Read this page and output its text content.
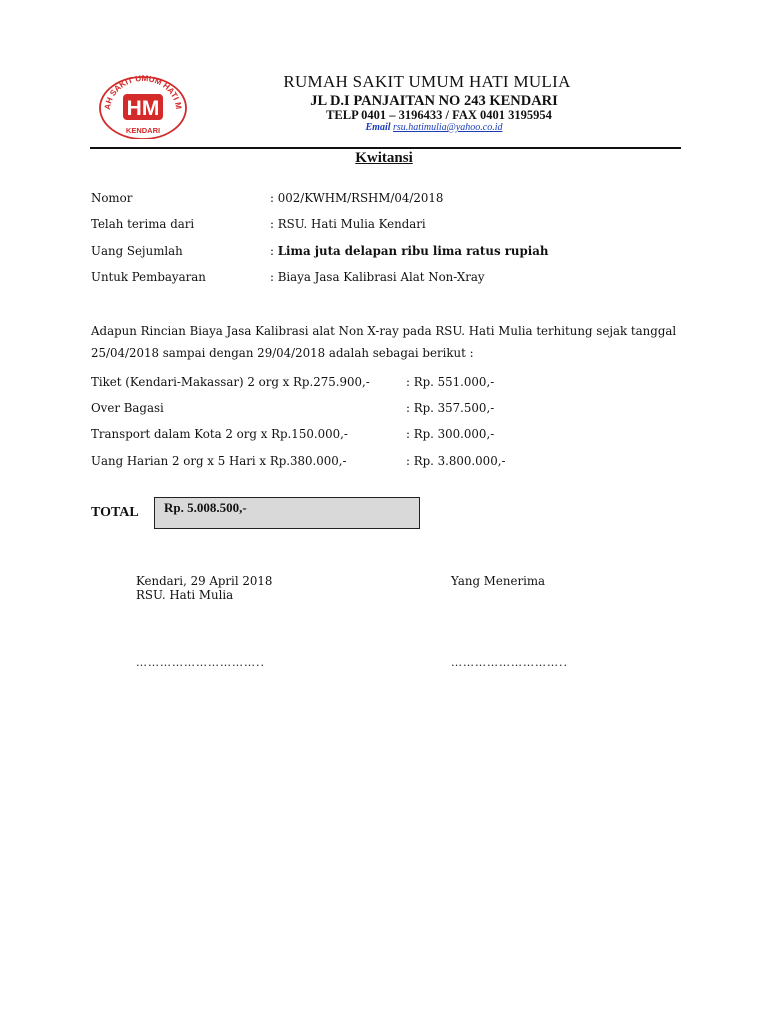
AH SAKIT UMUM HATI M
HM
KENDARI
RUMAH SAKIT UMUM HATI MULIA
JL D.I PANJAITAN NO 243 KENDARI
TELP 0401 – 3196433 / FAX 0401 3195954
Email rsu.hatimulia@yahoo.co.id
Kwitansi
Nomor	: 002/KWHM/RSHM/04/2018
Telah terima dari	: RSU. Hati Mulia Kendari
Uang Sejumlah	: Lima juta delapan ribu lima ratus rupiah
Untuk Pembayaran	: Biaya Jasa Kalibrasi Alat Non-Xray
Adapun Rincian Biaya Jasa Kalibrasi alat Non X-ray pada RSU. Hati Mulia terhitung sejak tanggal 25/04/2018 sampai dengan 29/04/2018 adalah sebagai berikut :
Tiket (Kendari-Makassar) 2 org x Rp.275.900,-	: Rp. 551.000,-
Over Bagasi	: Rp. 357.500,-
Transport dalam Kota 2 org x Rp.150.000,-	: Rp. 300.000,-
Uang Harian 2 org x 5 Hari x Rp.380.000,-	: Rp. 3.800.000,-
TOTAL Rp. 5.008.500,-
Kendari, 29 April 2018
RSU. Hati Mulia
Yang Menerima
…………………………..	………………………..
